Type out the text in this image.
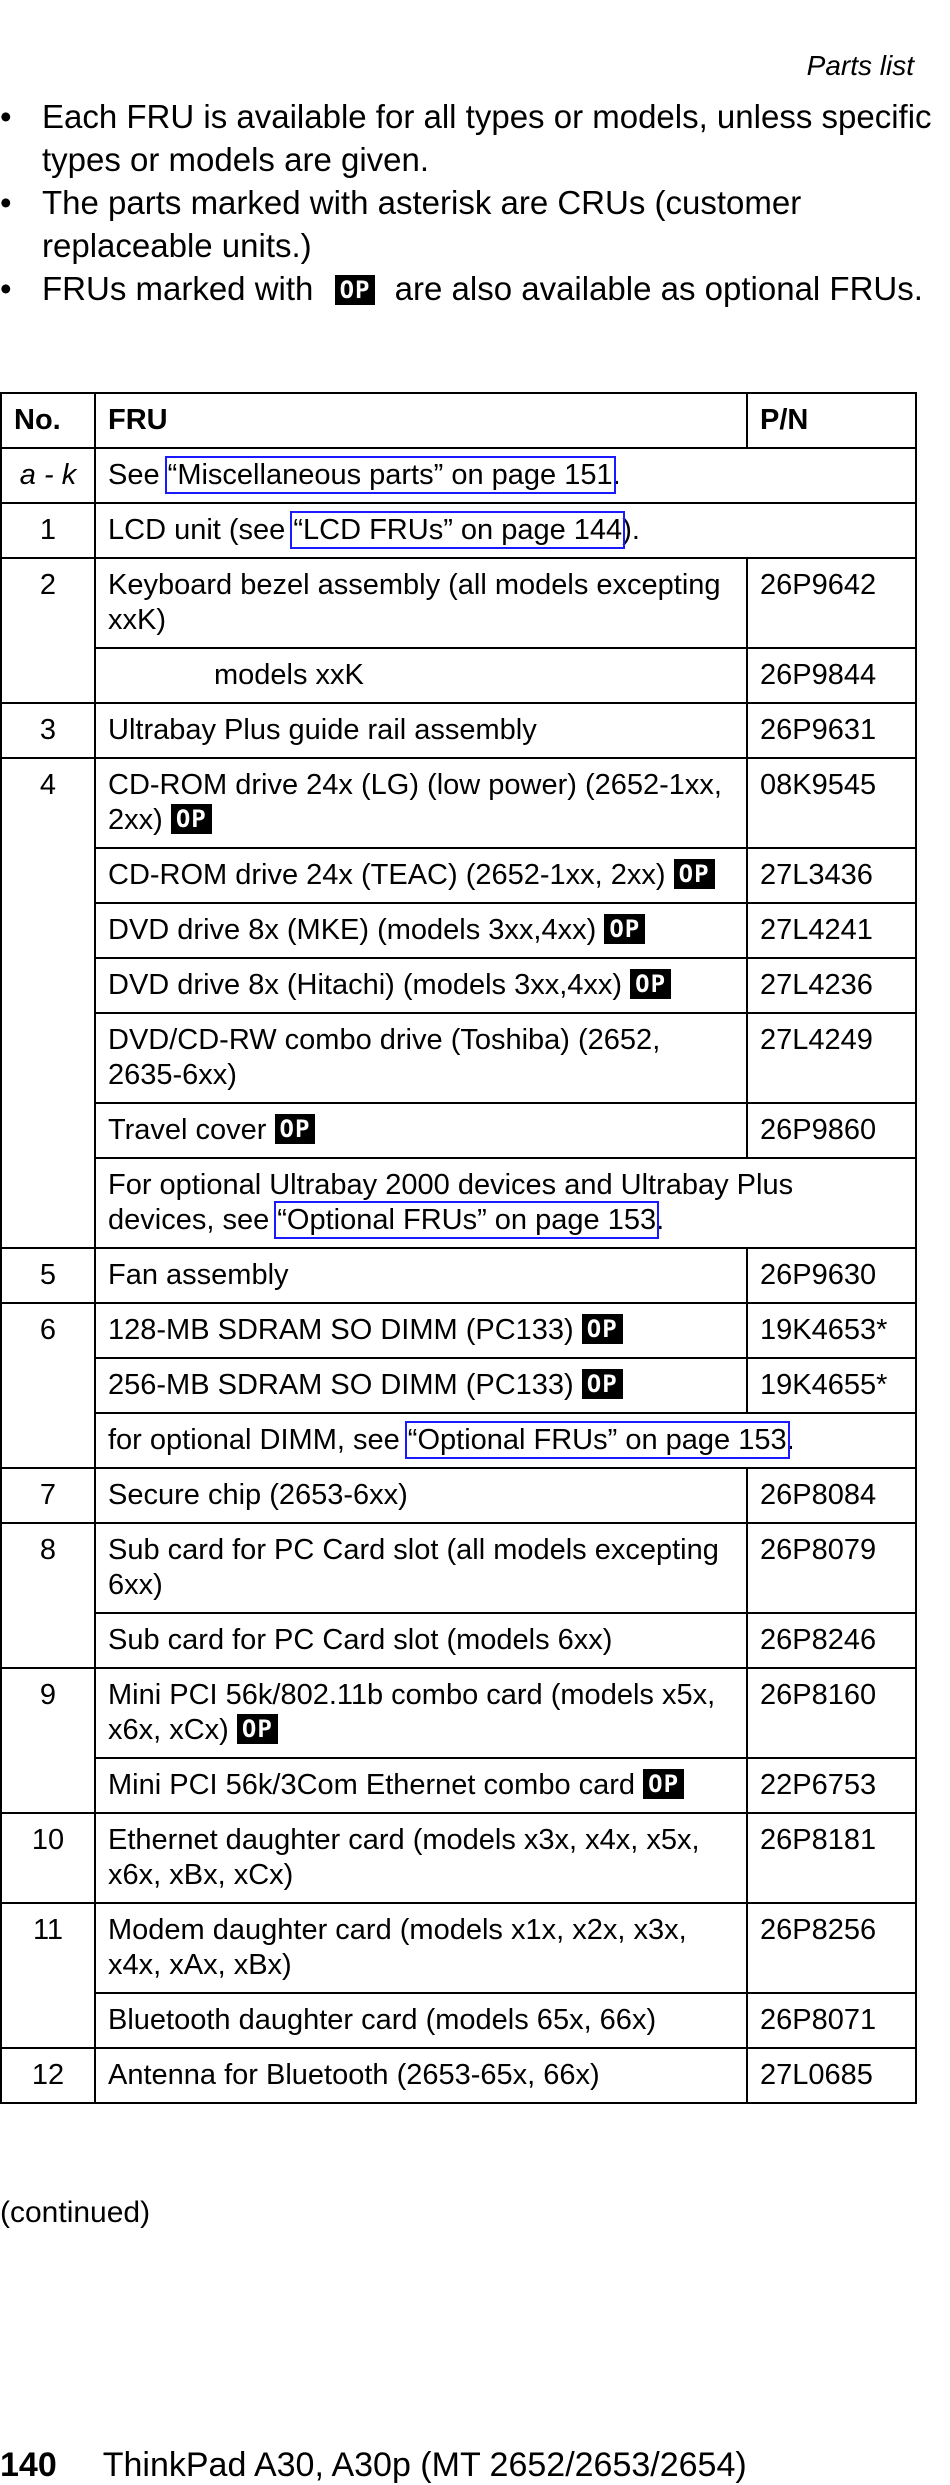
Parts list
• Each FRU is available for all types or models, unless specific types or models are given.
• The parts marked with asterisk are CRUs (customer replaceable units.)
• FRUs marked with OP are also available as optional FRUs.
No.	FRU	P/N
a - k	See “Miscellaneous parts” on page 151.	
1	LCD unit (see “LCD FRUs” on page 144).	
2	Keyboard bezel assembly (all models excepting xxK)	26P9642
	models xxK	26P9844
3	Ultrabay Plus guide rail assembly	26P9631
4	CD-ROM drive 24x (LG) (low power) (2652-1xx, 2xx) OP	08K9545
	CD-ROM drive 24x (TEAC) (2652-1xx, 2xx) OP	27L3436
	DVD drive 8x (MKE) (models 3xx,4xx) OP	27L4241
	DVD drive 8x (Hitachi) (models 3xx,4xx) OP	27L4236
	DVD/CD-RW combo drive (Toshiba) (2652, 2635-6xx)	27L4249
	Travel cover OP	26P9860
	For optional Ultrabay 2000 devices and Ultrabay Plus devices, see “Optional FRUs” on page 153.	
5	Fan assembly	26P9630
6	128-MB SDRAM SO DIMM (PC133) OP	19K4653*
	256-MB SDRAM SO DIMM (PC133) OP	19K4655*
	for optional DIMM, see “Optional FRUs” on page 153.	
7	Secure chip (2653-6xx)	26P8084
8	Sub card for PC Card slot (all models excepting 6xx)	26P8079
	Sub card for PC Card slot (models 6xx)	26P8246
9	Mini PCI 56k/802.11b combo card (models x5x, x6x, xCx) OP	26P8160
	Mini PCI 56k/3Com Ethernet combo card OP	22P6753
10	Ethernet daughter card (models x3x, x4x, x5x, x6x, xBx, xCx)	26P8181
11	Modem daughter card (models x1x, x2x, x3x, x4x, xAx, xBx)	26P8256
	Bluetooth daughter card (models 65x, 66x)	26P8071
12	Antenna for Bluetooth (2653-65x, 66x)	27L0685
(continued)
140 ThinkPad A30, A30p (MT 2652/2653/2654)
